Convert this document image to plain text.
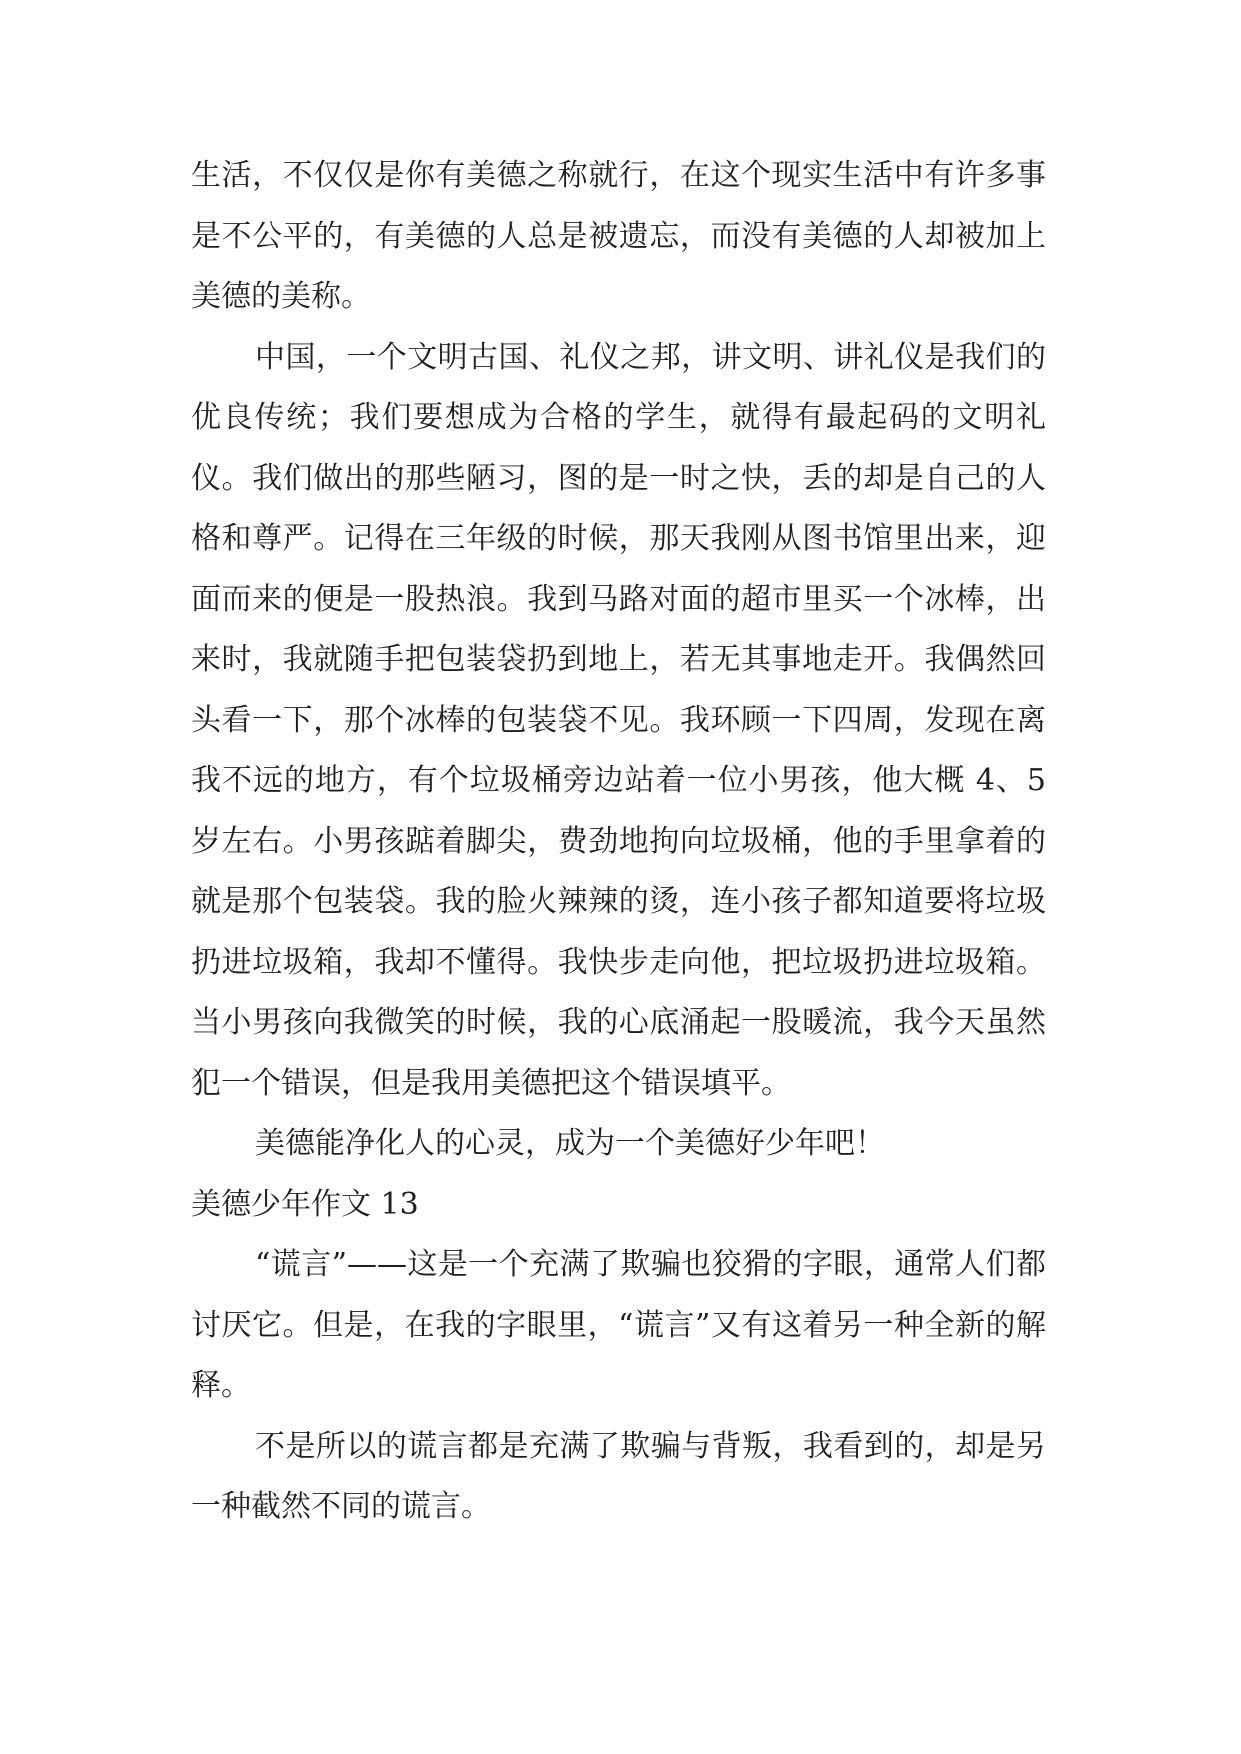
生活，不仅仅是你有美德之称就行，在这个现实生活中有许多事是不公平的，有美德的人总是被遗忘，而没有美德的人却被加上美德的美称。

中国，一个文明古国、礼仪之邦，讲文明、讲礼仪是我们的优良传统；我们要想成为合格的学生，就得有最起码的文明礼仪。我们做出的那些陋习，图的是一时之快，丢的却是自己的人格和尊严。记得在三年级的时候，那天我刚从图书馆里出来，迎面而来的便是一股热浪。我到马路对面的超市里买一个冰棒，出来时，我就随手把包装袋扔到地上，若无其事地走开。我偶然回头看一下，那个冰棒的包装袋不见。我环顾一下四周，发现在离我不远的地方，有个垃圾桶旁边站着一位小男孩，他大概 4、5 岁左右。小男孩踮着脚尖，费劲地拘向垃圾桶，他的手里拿着的就是那个包装袋。我的脸火辣辣的烫，连小孩子都知道要将垃圾扔进垃圾箱，我却不懂得。我快步走向他，把垃圾扔进垃圾箱。当小男孩向我微笑的时候，我的心底涌起一股暖流，我今天虽然犯一个错误，但是我用美德把这个错误填平。

美德能净化人的心灵，成为一个美德好少年吧！

美德少年作文 13

“谎言”——这是一个充满了欺骗也狡猾的字眼，通常人们都讨厌它。但是，在我的字眼里，“谎言”又有这着另一种全新的解释。

不是所以的谎言都是充满了欺骗与背叛，我看到的，却是另一种截然不同的谎言。
